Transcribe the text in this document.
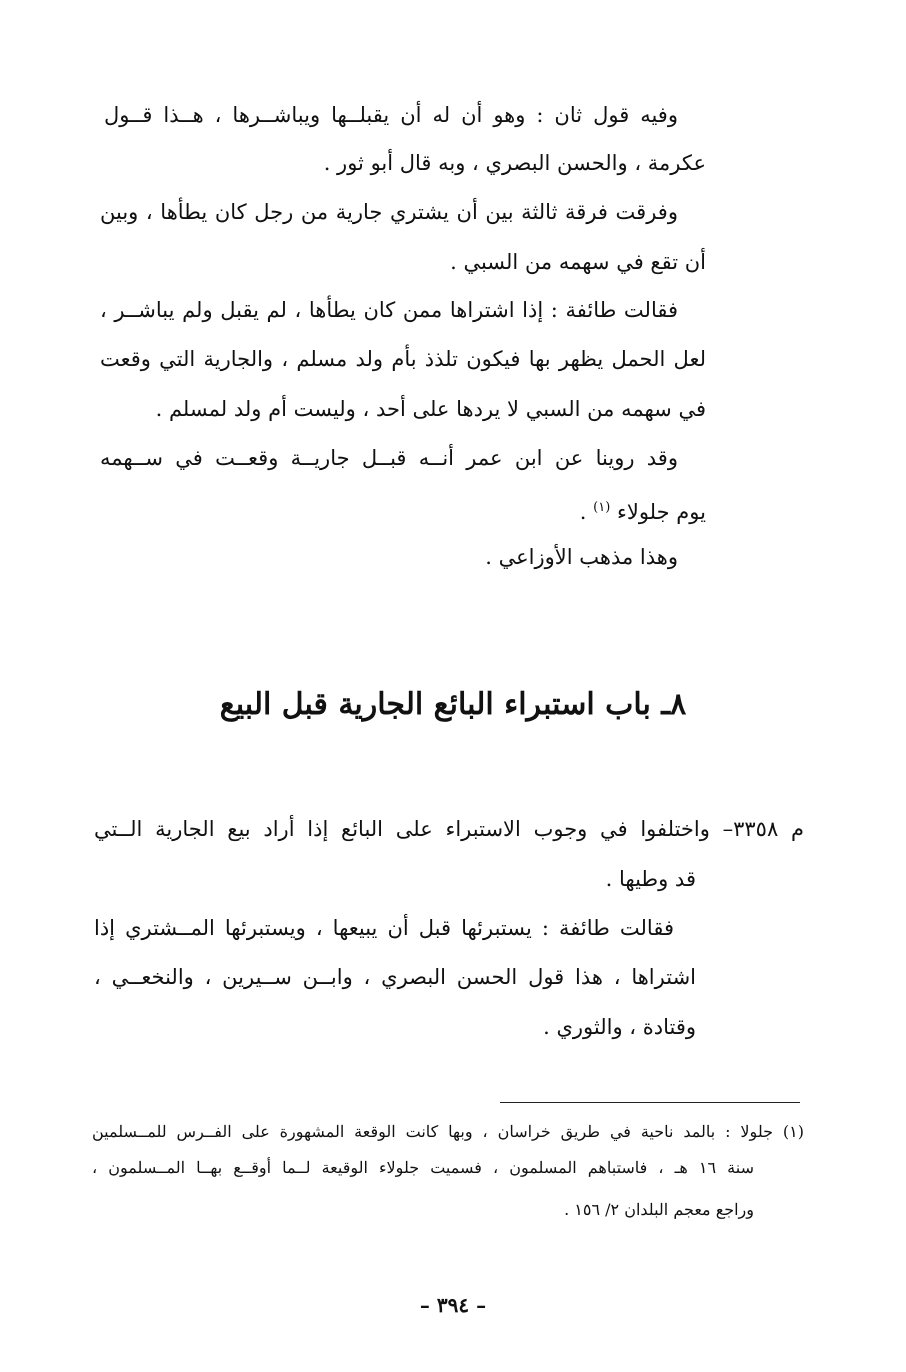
وفيه قول ثان : وهو أن له أن يقبلــها ويباشــرها ، هــذا قــول
عكرمة ، والحسن البصري ، وبه قال أبو ثور .
وفرقت فرقة ثالثة بين أن يشتري جارية من رجل كان يطأها ، وبين
أن تقع في سهمه من السبي .
فقالت طائفة : إذا اشتراها ممن كان يطأها ، لم يقبل ولم يباشــر ،
لعل الحمل يظهر بها فيكون تلذذ بأم ولد مسلم ، والجارية التي وقعت
في سهمه من السبي لا يردها على أحد ، وليست أم ولد لمسلم .
وقد روينا عن ابن عمر أنــه قبــل جاريــة وقعــت في ســهمه
يوم جلولاء $^{(١)}$ .
وهذا مذهب الأوزاعي .
٨ـ باب استبراء البائع الجارية قبل البيع
م ٣٣٥٨– واختلفوا في وجوب الاستبراء على البائع إذا أراد بيع الجارية الــتي
قد وطيها .
فقالت طائفة : يستبرئها قبل أن يبيعها ، ويستبرئها المــشتري إذا
اشتراها ، هذا قول الحسن البصري ، وابــن ســيرين ، والنخعــي ،
وقتادة ، والثوري .
(١) جلولا : بالمد ناحية في طريق خراسان ، وبها كانت الوقعة المشهورة على الفــرس للمــسلمين
سنة ١٦ هـ ، فاستباهم المسلمون ، فسميت جلولاء الوقيعة لــما أوقــع بهــا المــسلمون ،
وراجع معجم البلدان ٢/ ١٥٦ .
– ٣٩٤ –
